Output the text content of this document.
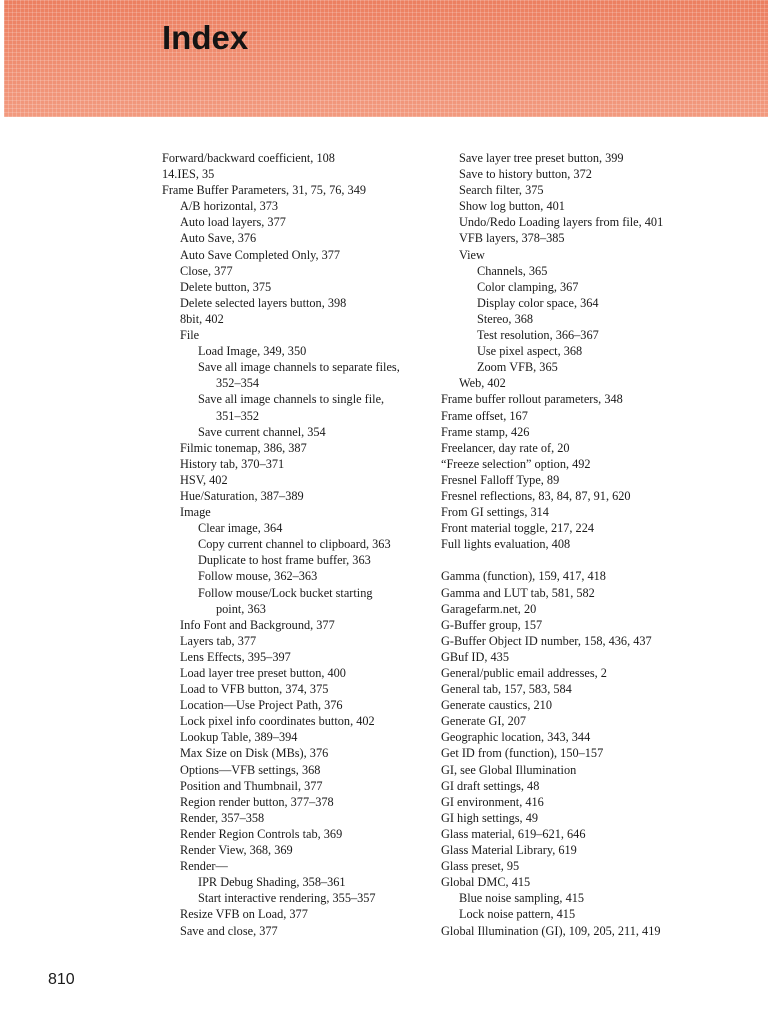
Index
Forward/backward coefficient, 108
14.IES, 35
Frame Buffer Parameters, 31, 75, 76, 349
A/B horizontal, 373
Auto load layers, 377
Auto Save, 376
Auto Save Completed Only, 377
Close, 377
Delete button, 375
Delete selected layers button, 398
8bit, 402
File
Load Image, 349, 350
Save all image channels to separate files,
352–354
Save all image channels to single file,
351–352
Save current channel, 354
Filmic tonemap, 386, 387
History tab, 370–371
HSV, 402
Hue/Saturation, 387–389
Image
Clear image, 364
Copy current channel to clipboard, 363
Duplicate to host frame buffer, 363
Follow mouse, 362–363
Follow mouse/Lock bucket starting
point, 363
Info Font and Background, 377
Layers tab, 377
Lens Effects, 395–397
Load layer tree preset button, 400
Load to VFB button, 374, 375
Location—Use Project Path, 376
Lock pixel info coordinates button, 402
Lookup Table, 389–394
Max Size on Disk (MBs), 376
Options—VFB settings, 368
Position and Thumbnail, 377
Region render button, 377–378
Render, 357–358
Render Region Controls tab, 369
Render View, 368, 369
Render—
IPR Debug Shading, 358–361
Start interactive rendering, 355–357
Resize VFB on Load, 377
Save and close, 377
Save layer tree preset button, 399
Save to history button, 372
Search filter, 375
Show log button, 401
Undo/Redo Loading layers from file, 401
VFB layers, 378–385
View
Channels, 365
Color clamping, 367
Display color space, 364
Stereo, 368
Test resolution, 366–367
Use pixel aspect, 368
Zoom VFB, 365
Web, 402
Frame buffer rollout parameters, 348
Frame offset, 167
Frame stamp, 426
Freelancer, day rate of, 20
“Freeze selection” option, 492
Fresnel Falloff Type, 89
Fresnel reflections, 83, 84, 87, 91, 620
From GI settings, 314
Front material toggle, 217, 224
Full lights evaluation, 408
Gamma (function), 159, 417, 418
Gamma and LUT tab, 581, 582
Garagefarm.net, 20
G-Buffer group, 157
G-Buffer Object ID number, 158, 436, 437
GBuf ID, 435
General/public email addresses, 2
General tab, 157, 583, 584
Generate caustics, 210
Generate GI, 207
Geographic location, 343, 344
Get ID from (function), 150–157
GI, see Global Illumination
GI draft settings, 48
GI environment, 416
GI high settings, 49
Glass material, 619–621, 646
Glass Material Library, 619
Glass preset, 95
Global DMC, 415
Blue noise sampling, 415
Lock noise pattern, 415
Global Illumination (GI), 109, 205, 211, 419
810
